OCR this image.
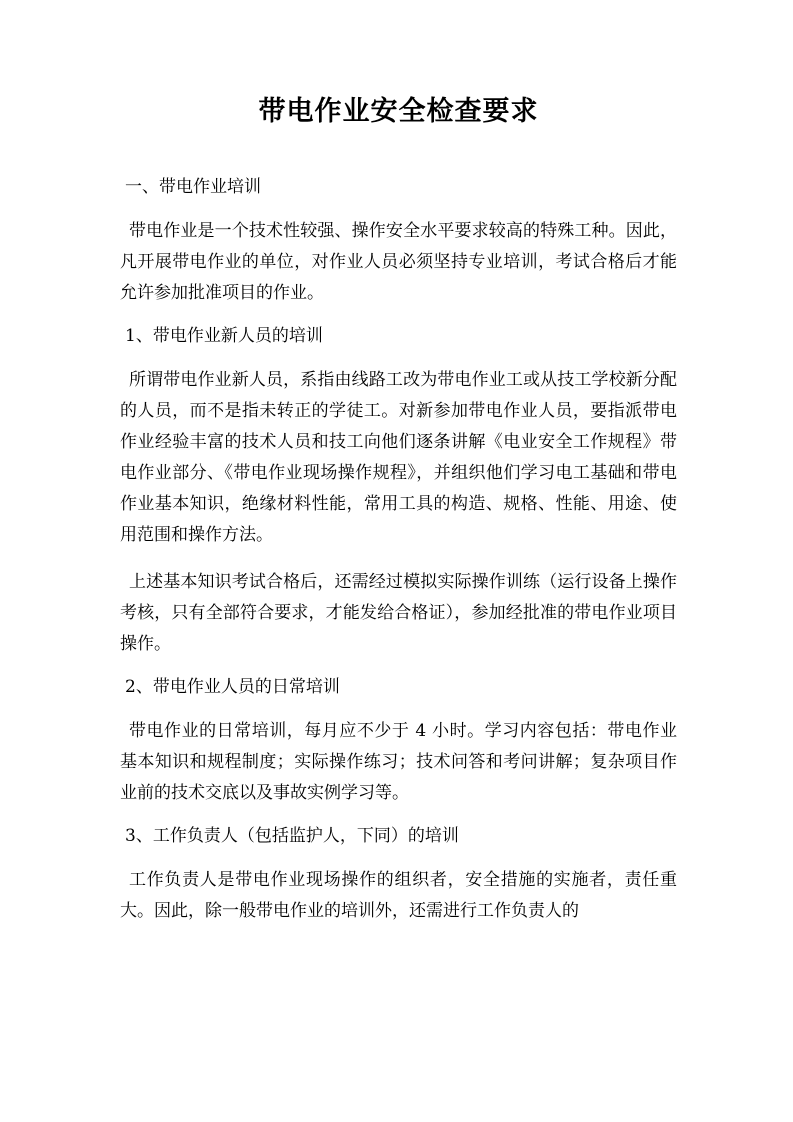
带电作业安全检查要求
一、带电作业培训

带电作业是一个技术性较强、操作安全水平要求较高的特殊工种。因此，凡开展带电作业的单位，对作业人员必须坚持专业培训，考试合格后才能允许参加批准项目的作业。

1、带电作业新人员的培训

所谓带电作业新人员，系指由线路工改为带电作业工或从技工学校新分配的人员，而不是指未转正的学徒工。对新参加带电作业人员，要指派带电作业经验丰富的技术人员和技工向他们逐条讲解《电业安全工作规程》带电作业部分、《带电作业现场操作规程》，并组织他们学习电工基础和带电作业基本知识，绝缘材料性能，常用工具的构造、规格、性能、用途、使用范围和操作方法。

上述基本知识考试合格后，还需经过模拟实际操作训练（运行设备上操作考核，只有全部符合要求，才能发给合格证），参加经批准的带电作业项目操作。

2、带电作业人员的日常培训

带电作业的日常培训，每月应不少于 4 小时。学习内容包括：带电作业基本知识和规程制度；实际操作练习；技术问答和考问讲解；复杂项目作业前的技术交底以及事故实例学习等。

3、工作负责人（包括监护人，下同）的培训

工作负责人是带电作业现场操作的组织者，安全措施的实施者，责任重大。因此，除一般带电作业的培训外，还需进行工作负责人的
